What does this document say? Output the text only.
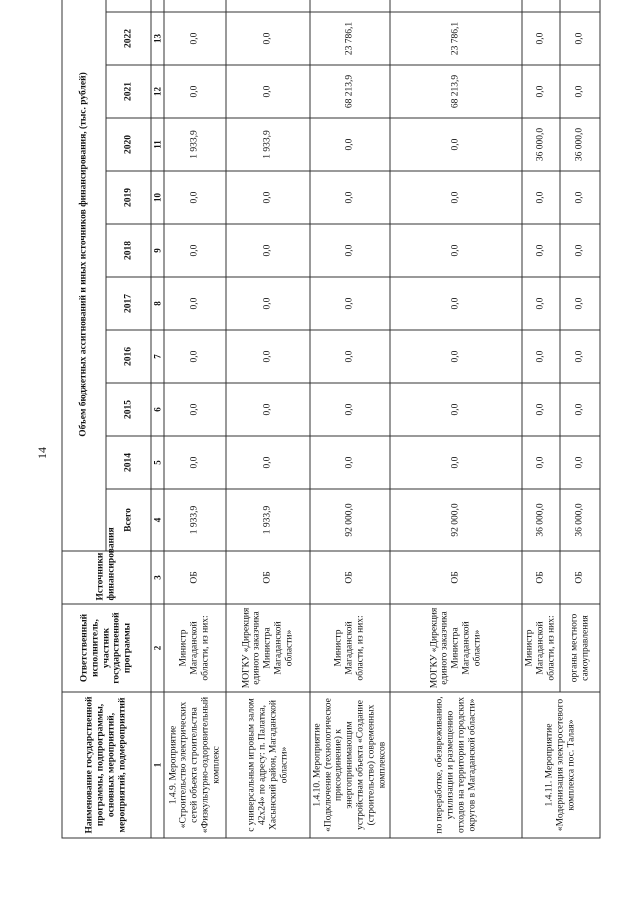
14
Наименование государственной программы, подпрограммы, основных мероприятий, мероприятий, подмероприятий	Ответственный исполнитель, участник государственной программы	Источники финансирования	Объем бюджетных ассигнований и иных источников финансирования, (тыс. рублей)										
			Всего	2014	2015	2016	2017	2018	2019	2020	2021	2022	
1	2	3	4	5	6	7	8	9	10	11	12	13	
1.4.9. Мероприятие «Строительство электрических сетей объекта строительства «Физкультурно-оздоровительный комплекс	Министр Магаданской области, из них:	ОБ	1 933,9	0,0	0,0	0,0	0,0	0,0	0,0	1 933,9	0,0	0,0	
с универсальным игровым залом 42х24» по адресу: п. Палатка, Хасынский район, Магаданской области»	МОГКУ «Дирекция единого заказчика Министра Магаданской области»	ОБ	1 933,9	0,0	0,0	0,0	0,0	0,0	0,0	1 933,9	0,0	0,0	
1.4.10. Мероприятие «Подключение (технологическое присоединение) к энергопринимающим устройствам объекта «Создание (строительство) современных комплексов	Министр Магаданской области, из них:	ОБ	92 000,0	0,0	0,0	0,0	0,0	0,0	0,0	0,0	68 213,9	23 786,1	
по переработке, обезвреживанию, утилизации и размещению отходов на территории городских округов в Магаданской области»	МОГКУ «Дирекция единого заказчика Министра Магаданской области»	ОБ	92 000,0	0,0	0,0	0,0	0,0	0,0	0,0	0,0	68 213,9	23 786,1	
1.4.11. Мероприятие «Модернизация электросетевого комплекса пос. Талая»	Министр Магаданской области, из них:	ОБ	36 000,0	0,0	0,0	0,0	0,0	0,0	0,0	36 000,0	0,0	0,0	
	органы местного самоуправления	ОБ	36 000,0	0,0	0,0	0,0	0,0	0,0	0,0	36 000,0	0,0	0,0	
